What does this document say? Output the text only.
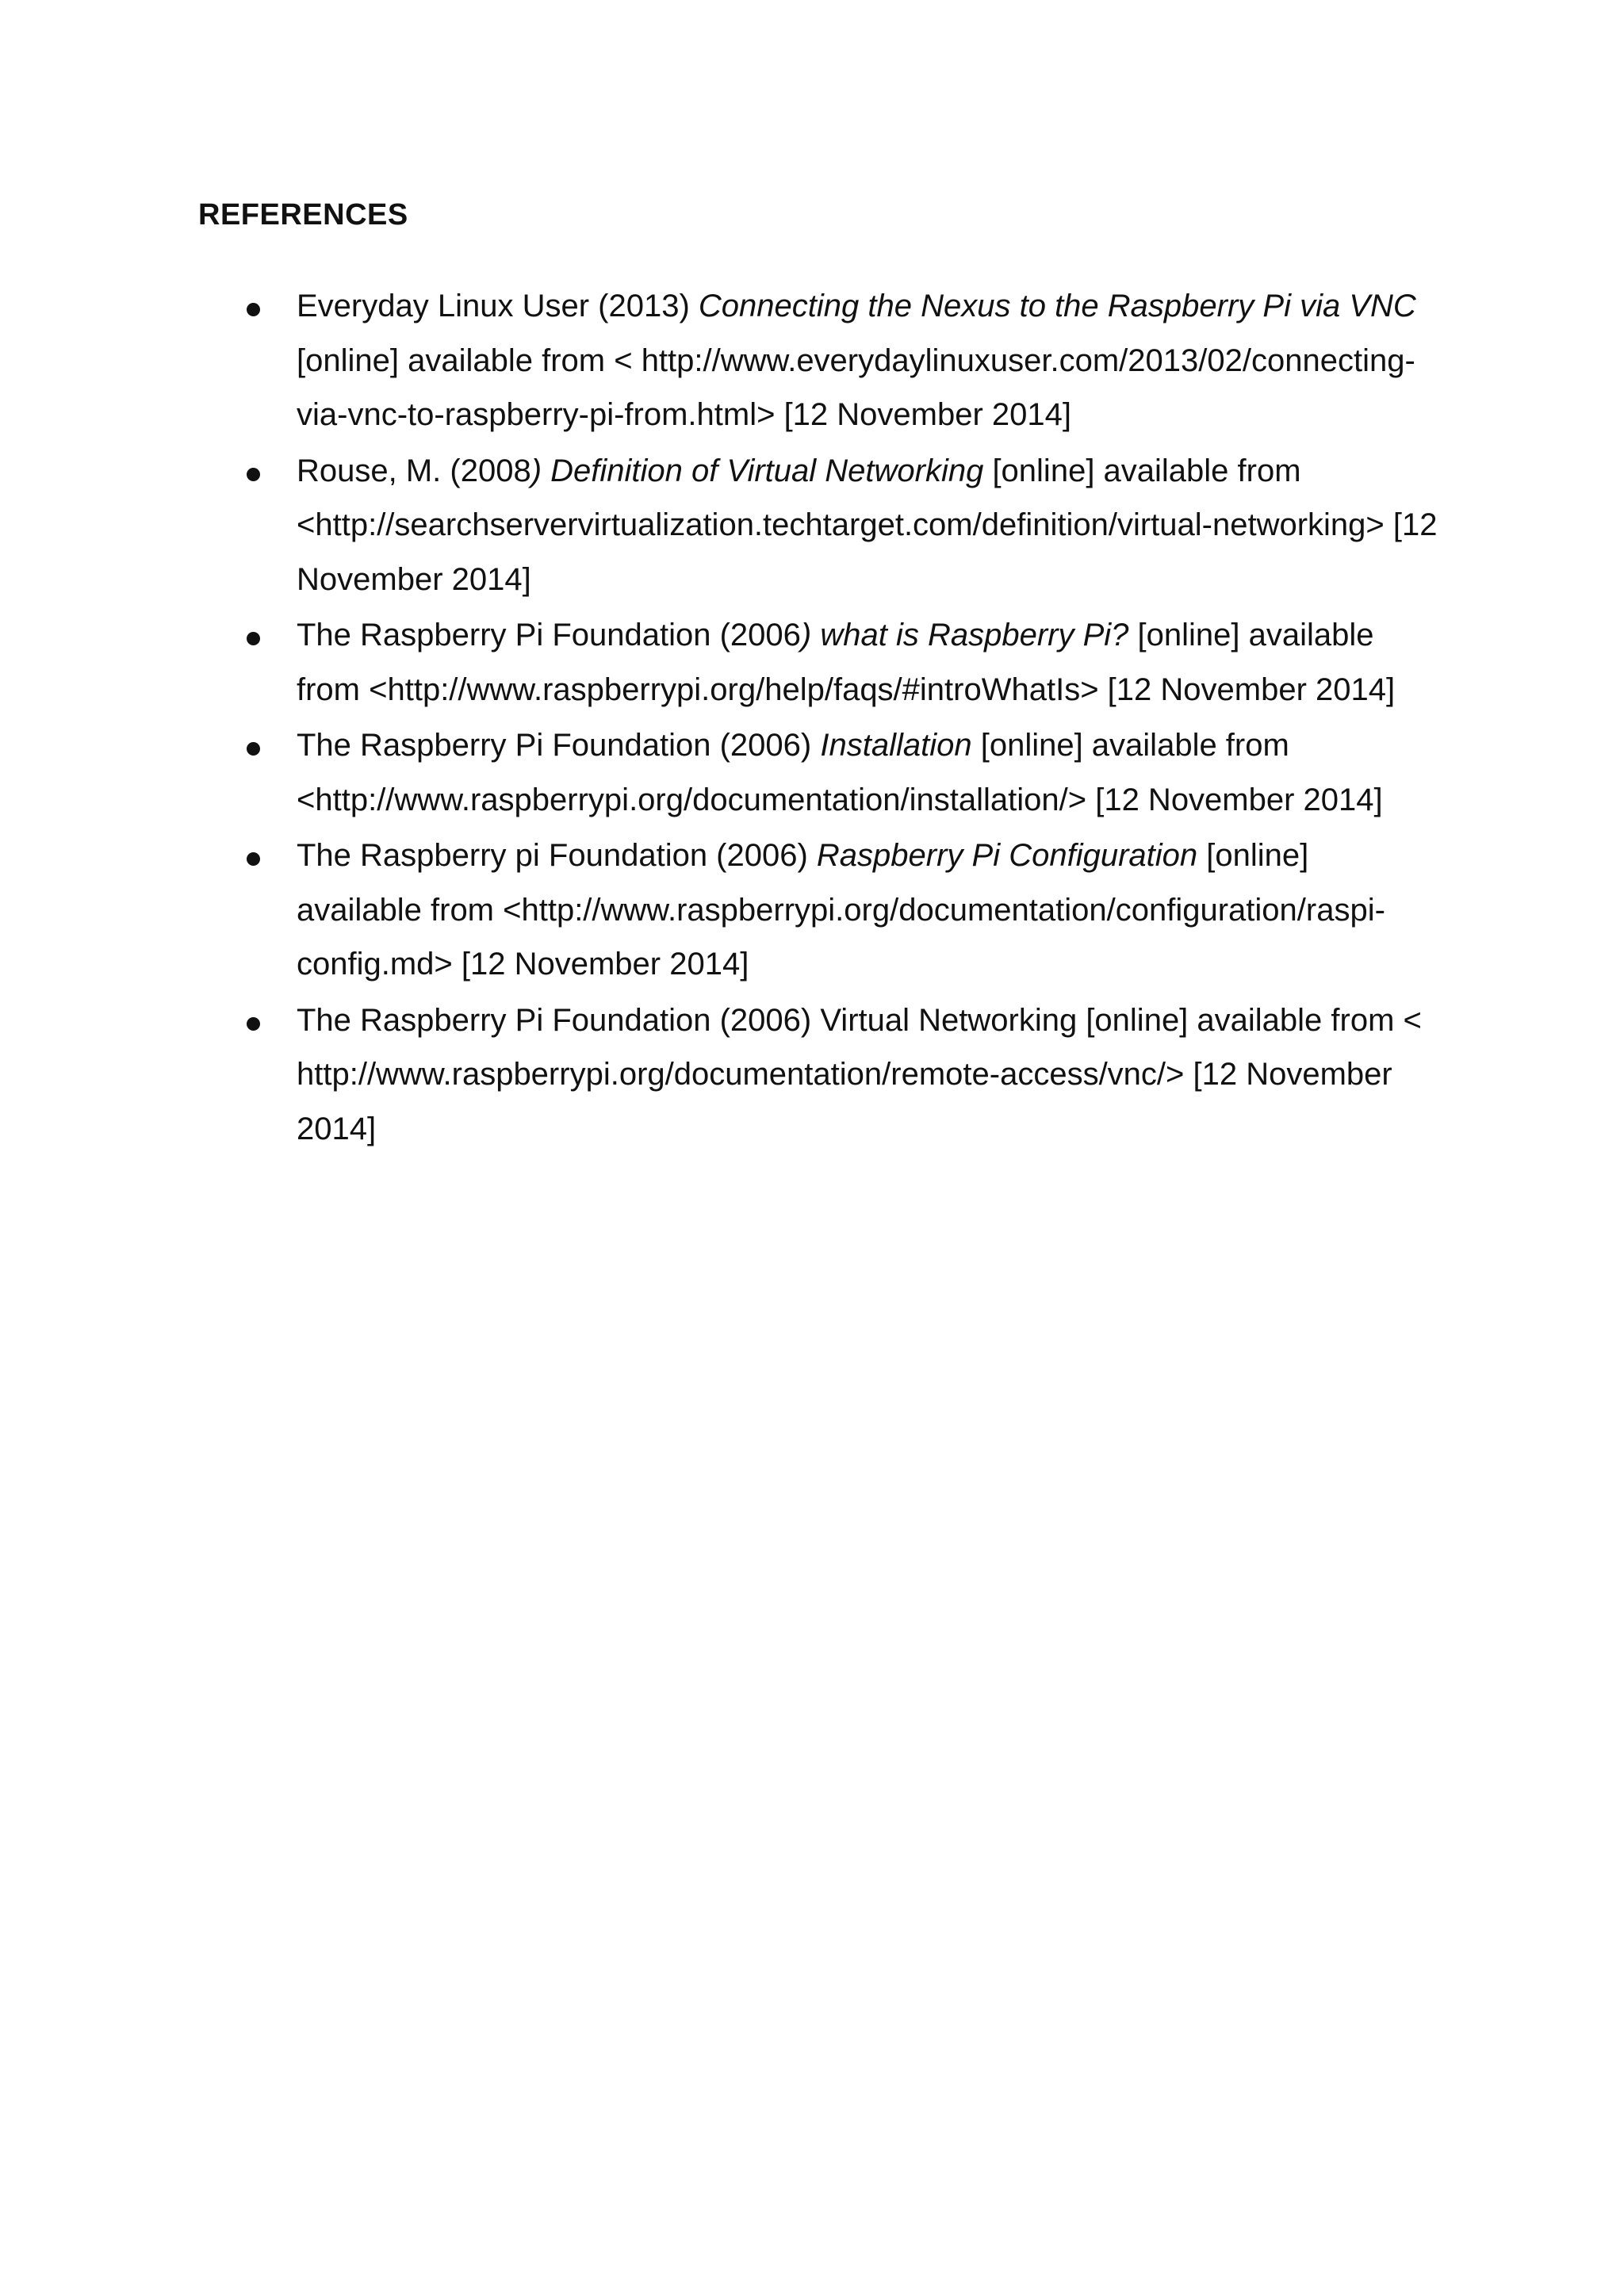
REFERENCES
Everyday Linux User (2013) Connecting the Nexus to the Raspberry Pi via VNC [online] available from < http://www.everydaylinuxuser.com/2013/02/connecting-via-vnc-to-raspberry-pi-from.html> [12 November 2014]
Rouse, M. (2008) Definition of Virtual Networking [online] available from <http://searchservervirtualization.techtarget.com/definition/virtual-networking> [12 November 2014]
The Raspberry Pi Foundation (2006) what is Raspberry Pi? [online] available from <http://www.raspberrypi.org/help/faqs/#introWhatIs> [12 November 2014]
The Raspberry Pi Foundation (2006) Installation [online] available from <http://www.raspberrypi.org/documentation/installation/> [12 November 2014]
The Raspberry pi Foundation (2006) Raspberry Pi Configuration [online] available from <http://www.raspberrypi.org/documentation/configuration/raspi-config.md> [12 November 2014]
The Raspberry Pi Foundation (2006) Virtual Networking [online] available from < http://www.raspberrypi.org/documentation/remote-access/vnc/> [12 November 2014]
